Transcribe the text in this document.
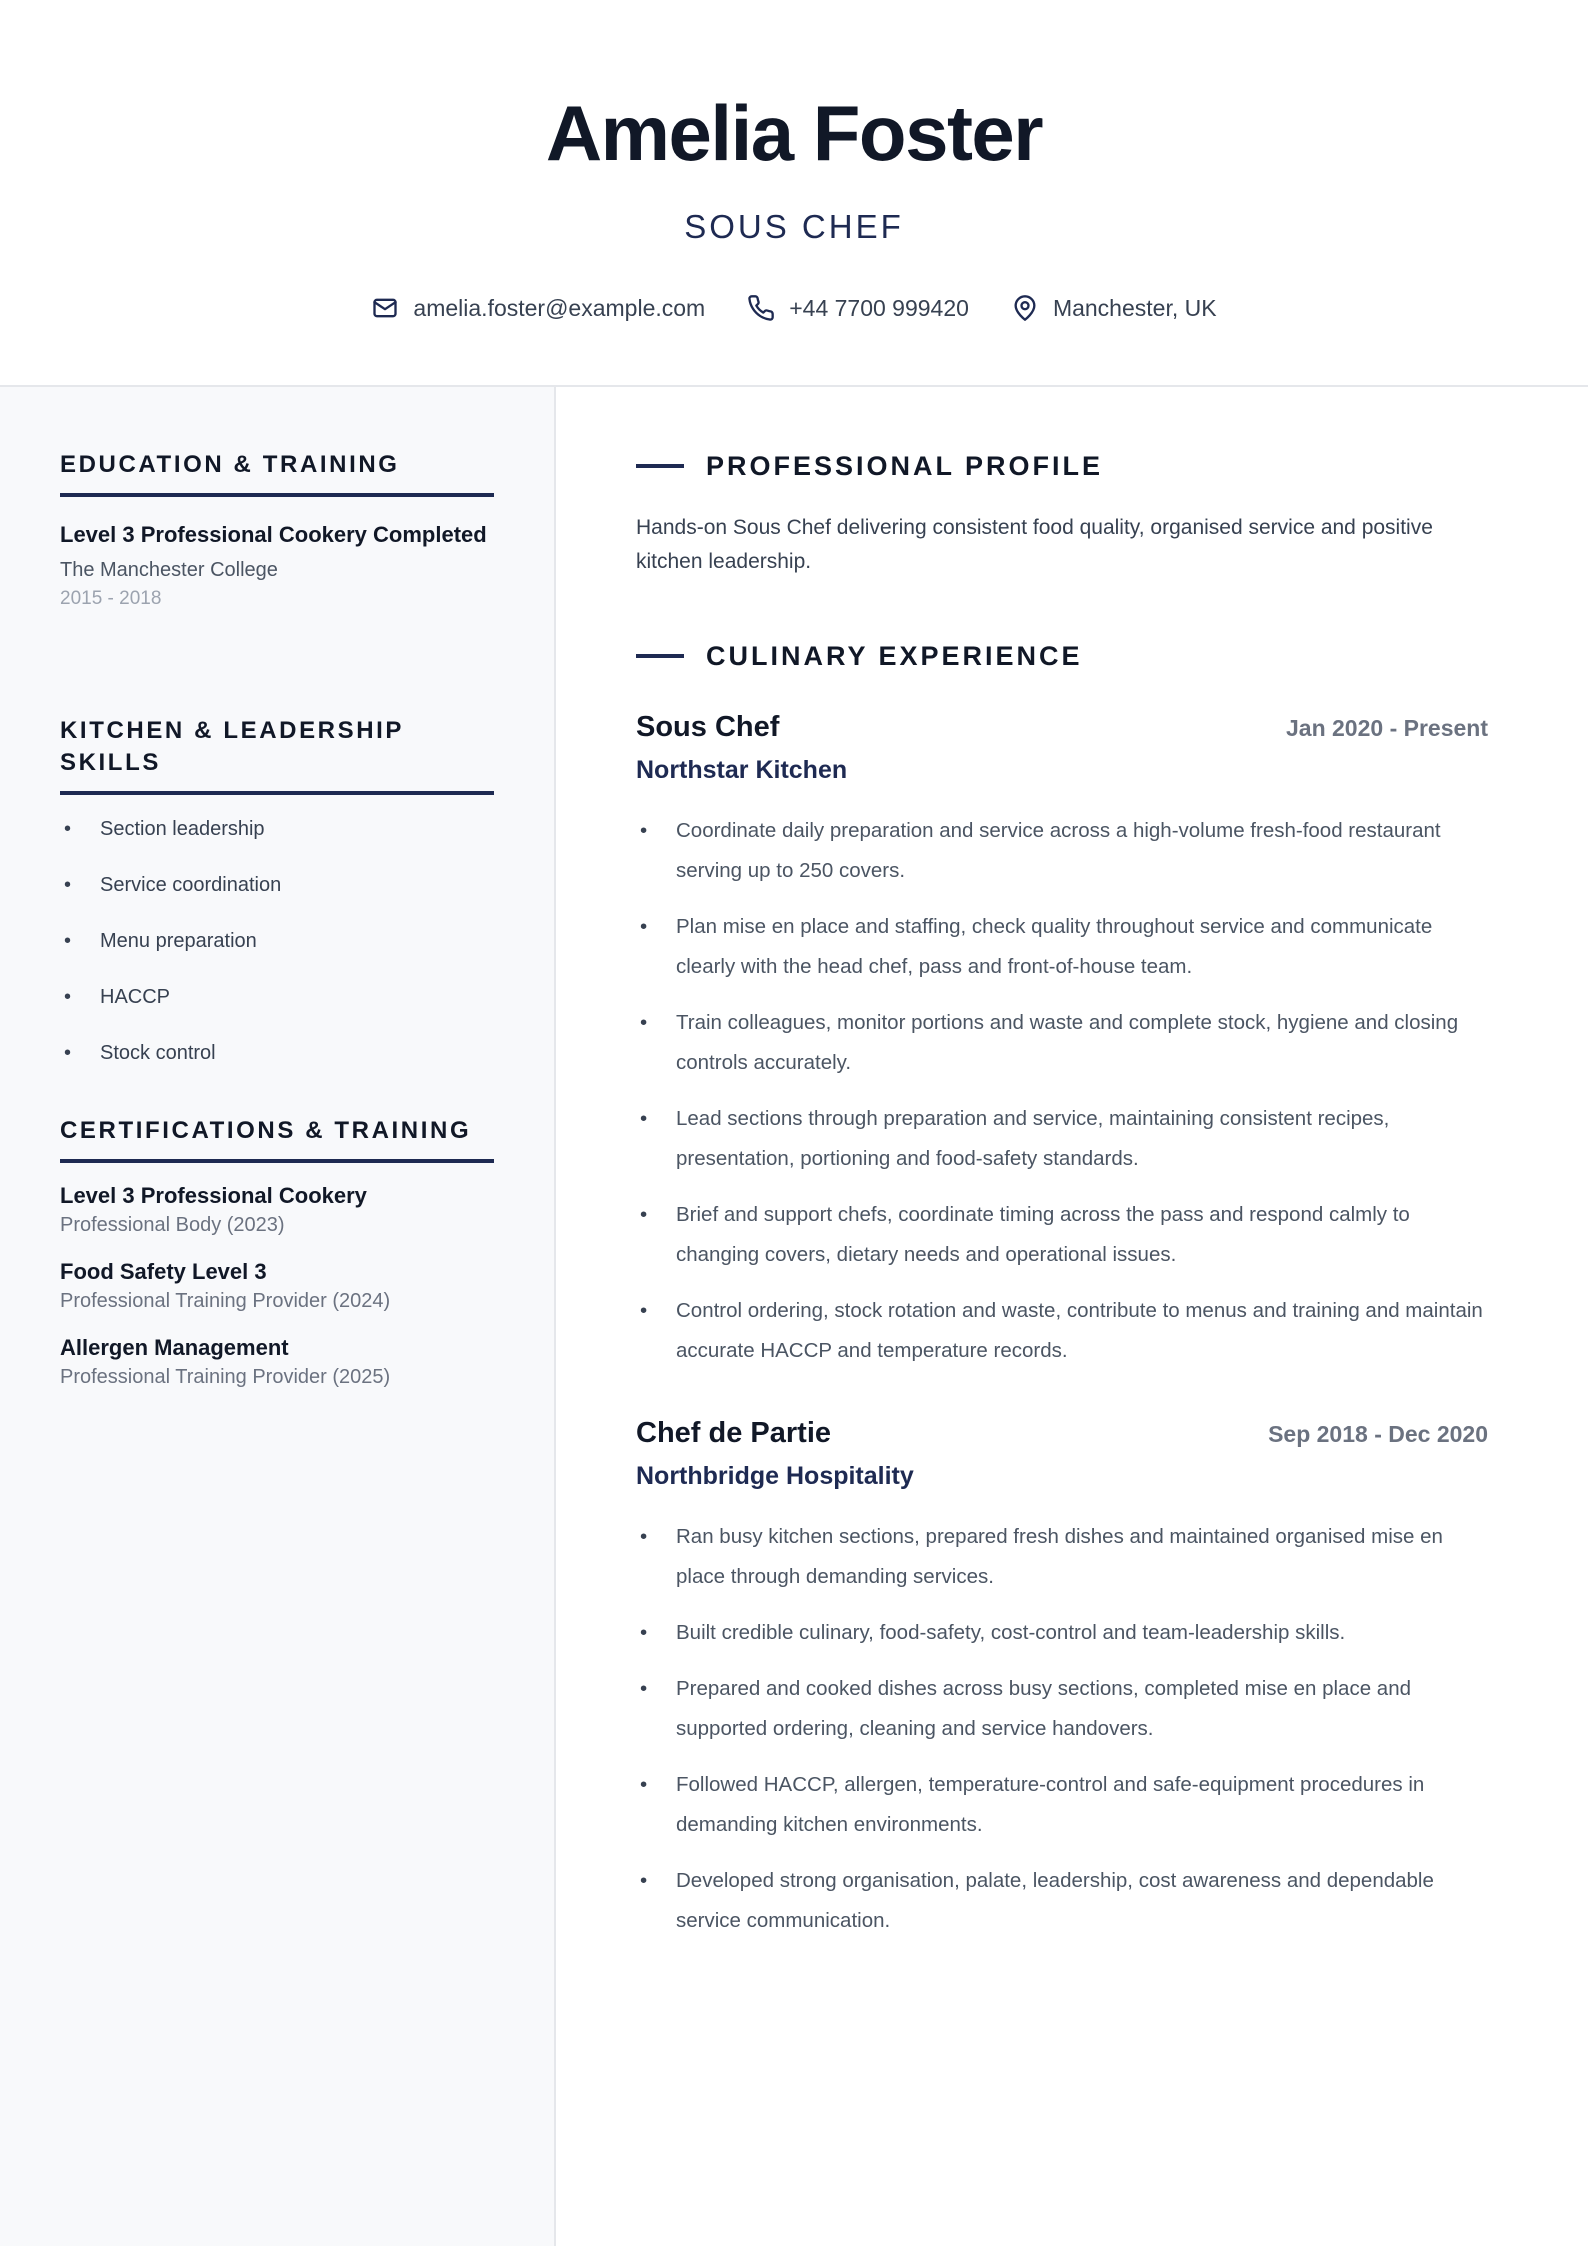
Amelia Foster
SOUS CHEF
amelia.foster@example.com	+44 7700 999420	Manchester, UK
EDUCATION & TRAINING
Level 3 Professional Cookery Completed
The Manchester College
2015 - 2018
KITCHEN & LEADERSHIP SKILLS
• Section leadership
• Service coordination
• Menu preparation
• HACCP
• Stock control
CERTIFICATIONS & TRAINING
Level 3 Professional Cookery
Professional Body (2023)
Food Safety Level 3
Professional Training Provider (2024)
Allergen Management
Professional Training Provider (2025)
PROFESSIONAL PROFILE
Hands-on Sous Chef delivering consistent food quality, organised service and positive kitchen leadership.
CULINARY EXPERIENCE
Sous Chef	Jan 2020 - Present
Northstar Kitchen
• Coordinate daily preparation and service across a high-volume fresh-food restaurant serving up to 250 covers.
• Plan mise en place and staffing, check quality throughout service and communicate clearly with the head chef, pass and front-of-house team.
• Train colleagues, monitor portions and waste and complete stock, hygiene and closing controls accurately.
• Lead sections through preparation and service, maintaining consistent recipes, presentation, portioning and food-safety standards.
• Brief and support chefs, coordinate timing across the pass and respond calmly to changing covers, dietary needs and operational issues.
• Control ordering, stock rotation and waste, contribute to menus and training and maintain accurate HACCP and temperature records.
Chef de Partie	Sep 2018 - Dec 2020
Northbridge Hospitality
• Ran busy kitchen sections, prepared fresh dishes and maintained organised mise en place through demanding services.
• Built credible culinary, food-safety, cost-control and team-leadership skills.
• Prepared and cooked dishes across busy sections, completed mise en place and supported ordering, cleaning and service handovers.
• Followed HACCP, allergen, temperature-control and safe-equipment procedures in demanding kitchen environments.
• Developed strong organisation, palate, leadership, cost awareness and dependable service communication.
